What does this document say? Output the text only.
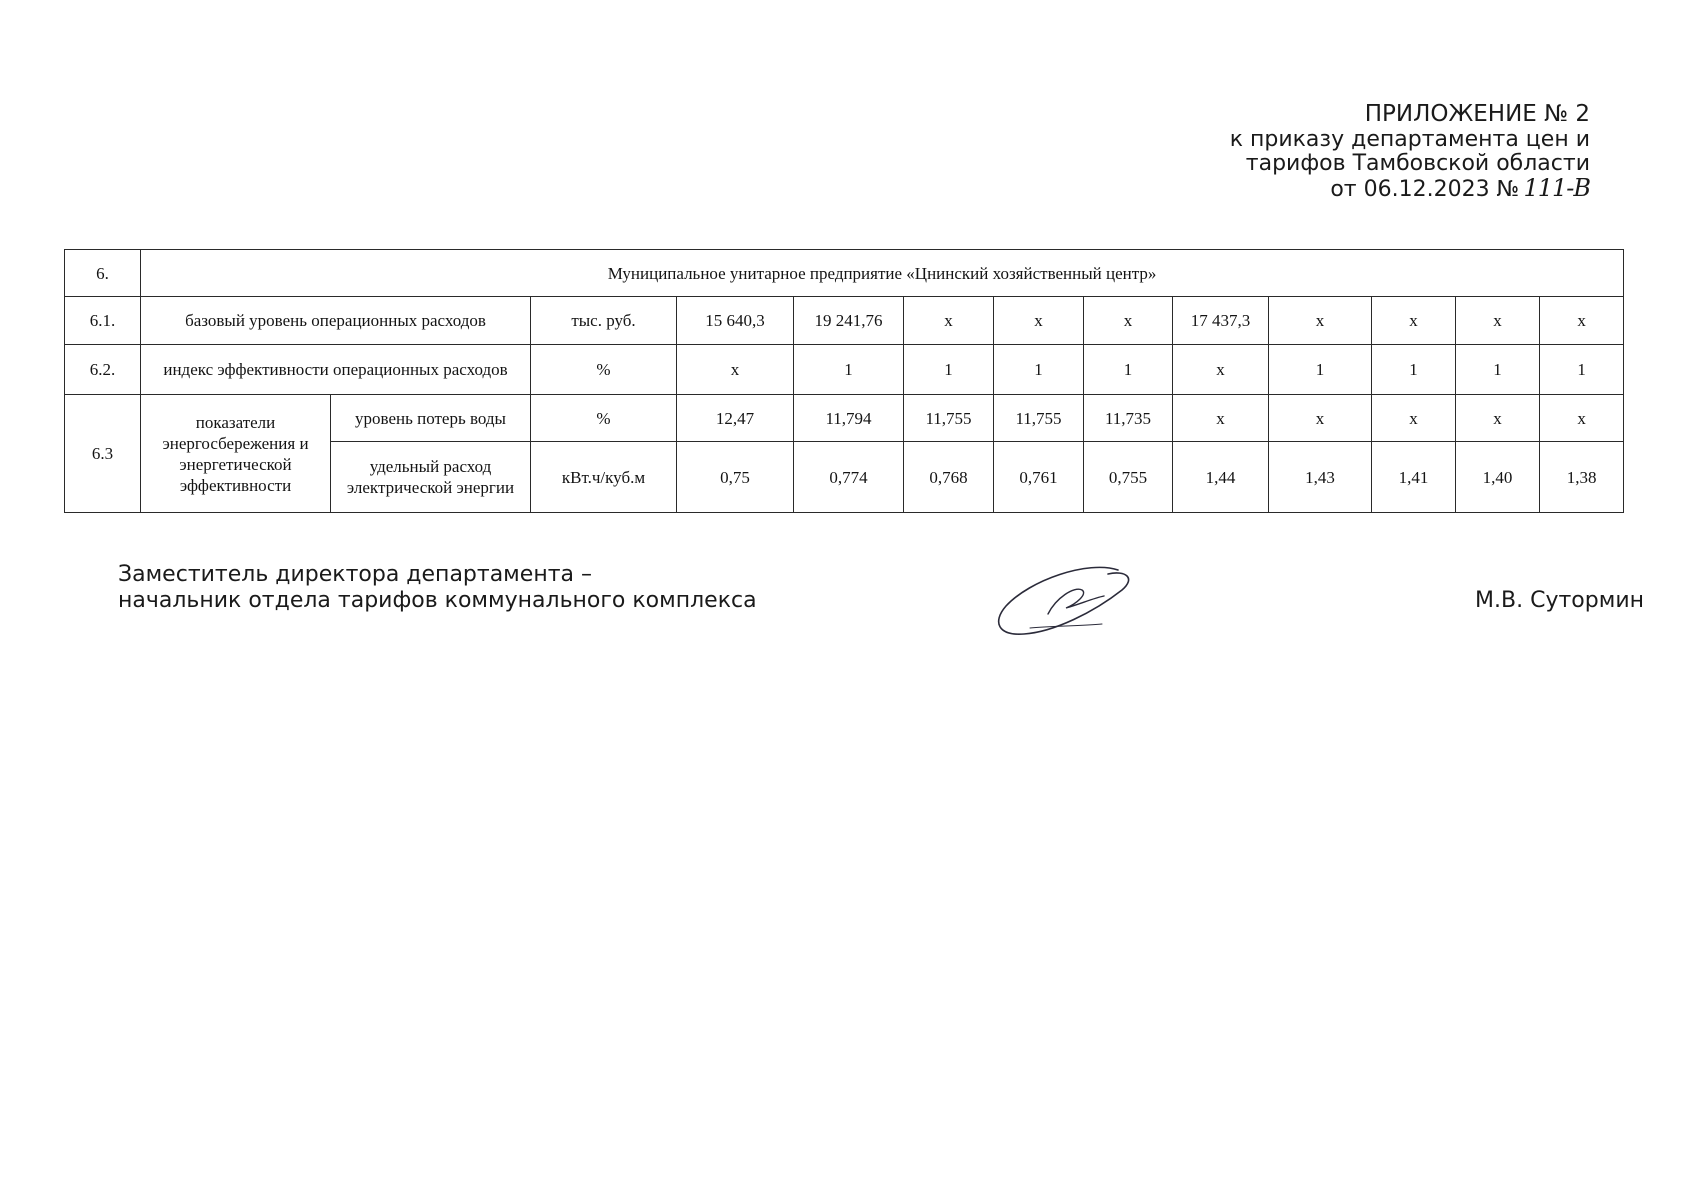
ПРИЛОЖЕНИЕ № 2
к приказу департамента цен и
тарифов Тамбовской области
от 06.12.2023 № 111-В
6.	Муниципальное унитарное предприятие «Цнинский хозяйственный центр»												
6.1.	базовый уровень операционных расходов		тыс. руб.	15 640,3	19 241,76	х	х	х	17 437,3	х	х	х	х
6.2.	индекс эффективности операционных расходов		%	х	1	1	1	1	х	1	1	1	1
6.3	показатели энергосбережения и энергетической эффективности	уровень потерь воды	%	12,47	11,794	11,755	11,755	11,735	х	х	х	х	х
		удельный расход электрической энергии	кВт.ч/куб.м	0,75	0,774	0,768	0,761	0,755	1,44	1,43	1,41	1,40	1,38
Заместитель директора департамента –
начальник отдела тарифов коммунального комплекса	М.В. Сутормин
